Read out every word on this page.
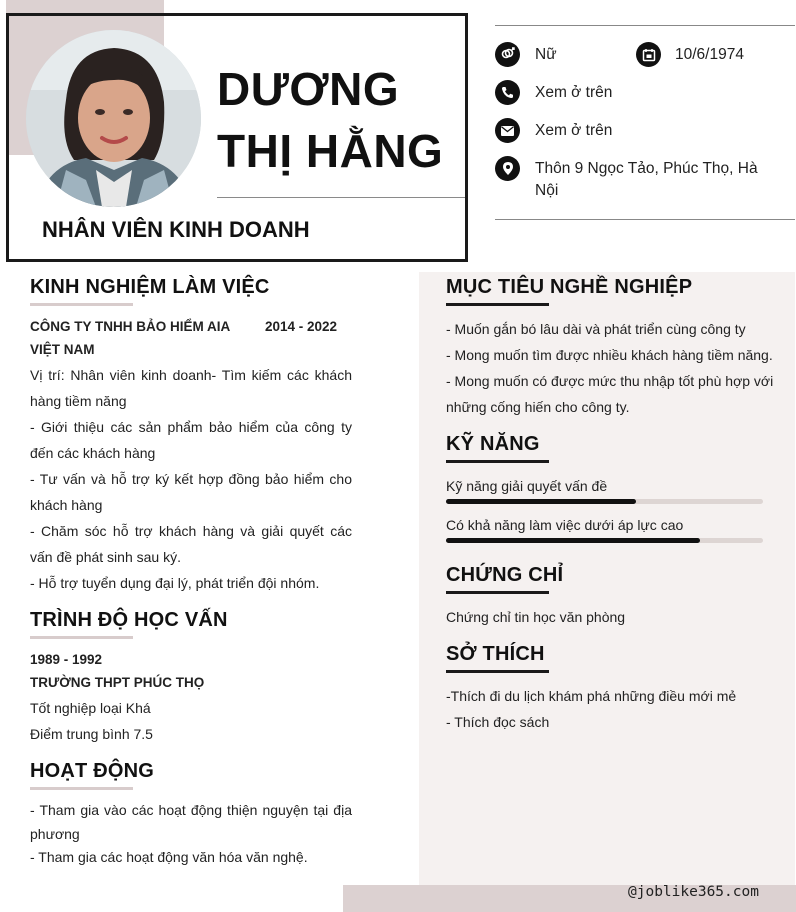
DƯƠNG
THỊ HẰNG
NHÂN VIÊN KINH DOANH
Nữ	10/6/1974
Xem ở trên
Xem ở trên
Thôn 9 Ngọc Tảo, Phúc Thọ, Hà Nội
KINH NGHIỆM LÀM VIỆC
CÔNG TY TNHH BẢO HIỂM AIA VIỆT NAM
2014 - 2022
Vị trí: Nhân viên kinh doanh- Tìm kiếm các khách hàng tiềm năng
- Giới thiệu các sản phẩm bảo hiểm của công ty đến các khách hàng
- Tư vấn và hỗ trợ ký kết hợp đồng bảo hiểm cho khách hàng
- Chăm sóc hỗ trợ khách hàng và giải quyết các vấn đề phát sinh sau ký.
- Hỗ trợ tuyển dụng đại lý, phát triển đội nhóm.
TRÌNH ĐỘ HỌC VẤN
1989 - 1992
TRƯỜNG THPT PHÚC THỌ
Tốt nghiệp loại Khá
Điểm trung bình 7.5
HOẠT ĐỘNG
- Tham gia vào các hoạt động thiện nguyện tại địa phương
- Tham gia các hoạt động văn hóa văn nghệ.
MỤC TIÊU NGHỀ NGHIỆP
- Muốn gắn bó lâu dài và phát triển cùng công ty
- Mong muốn tìm được nhiều khách hàng tiềm năng.
- Mong muốn có được mức thu nhập tốt phù hợp với những cống hiến cho công ty.
KỸ NĂNG
Kỹ năng giải quyết vấn đề
Có khả năng làm việc dưới áp lực cao
CHỨNG CHỈ
Chứng chỉ tin học văn phòng
SỞ THÍCH
-Thích đi du lịch khám phá những điều mới mẻ
- Thích đọc sách
@joblike365.com
